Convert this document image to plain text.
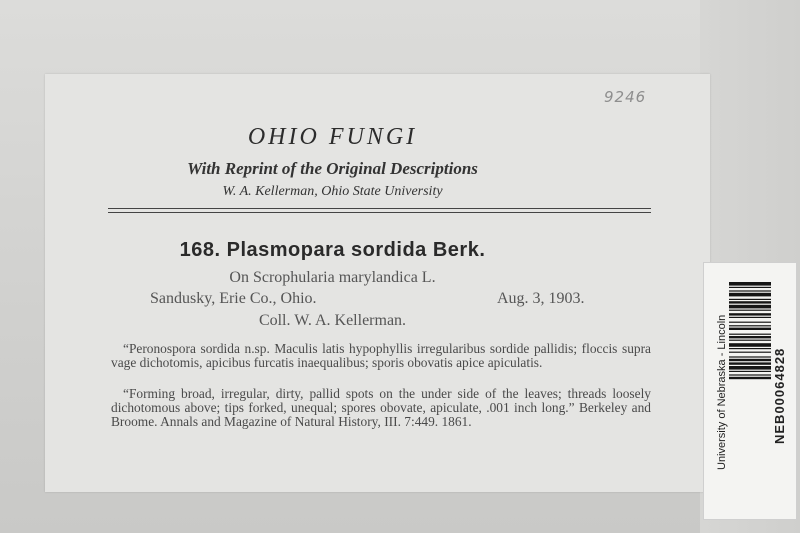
9246
OHIO FUNGI
With Reprint of the Original Descriptions
W. A. Kellerman, Ohio State University
168. Plasmopara sordida Berk.
On Scrophularia marylandica L.
Sandusky, Erie Co., Ohio.	Aug. 3, 1903.
Coll. W. A. Kellerman.

“Peronospora sordida n.sp. Maculis latis hypophyllis irregularibus sordide pallidis; floccis supra vage dichotomis, apicibus furcatis inaequalibus; sporis obovatis apice apiculatis.

“Forming broad, irregular, dirty, pallid spots on the under side of the leaves; threads loosely dichotomous above; tips forked, unequal; spores obovate, apiculate, .001 inch long.” Berkeley and Broome. Annals and Magazine of Natural History, III. 7:449. 1861.	University of Nebraska - Lincoln	NEB00064828
